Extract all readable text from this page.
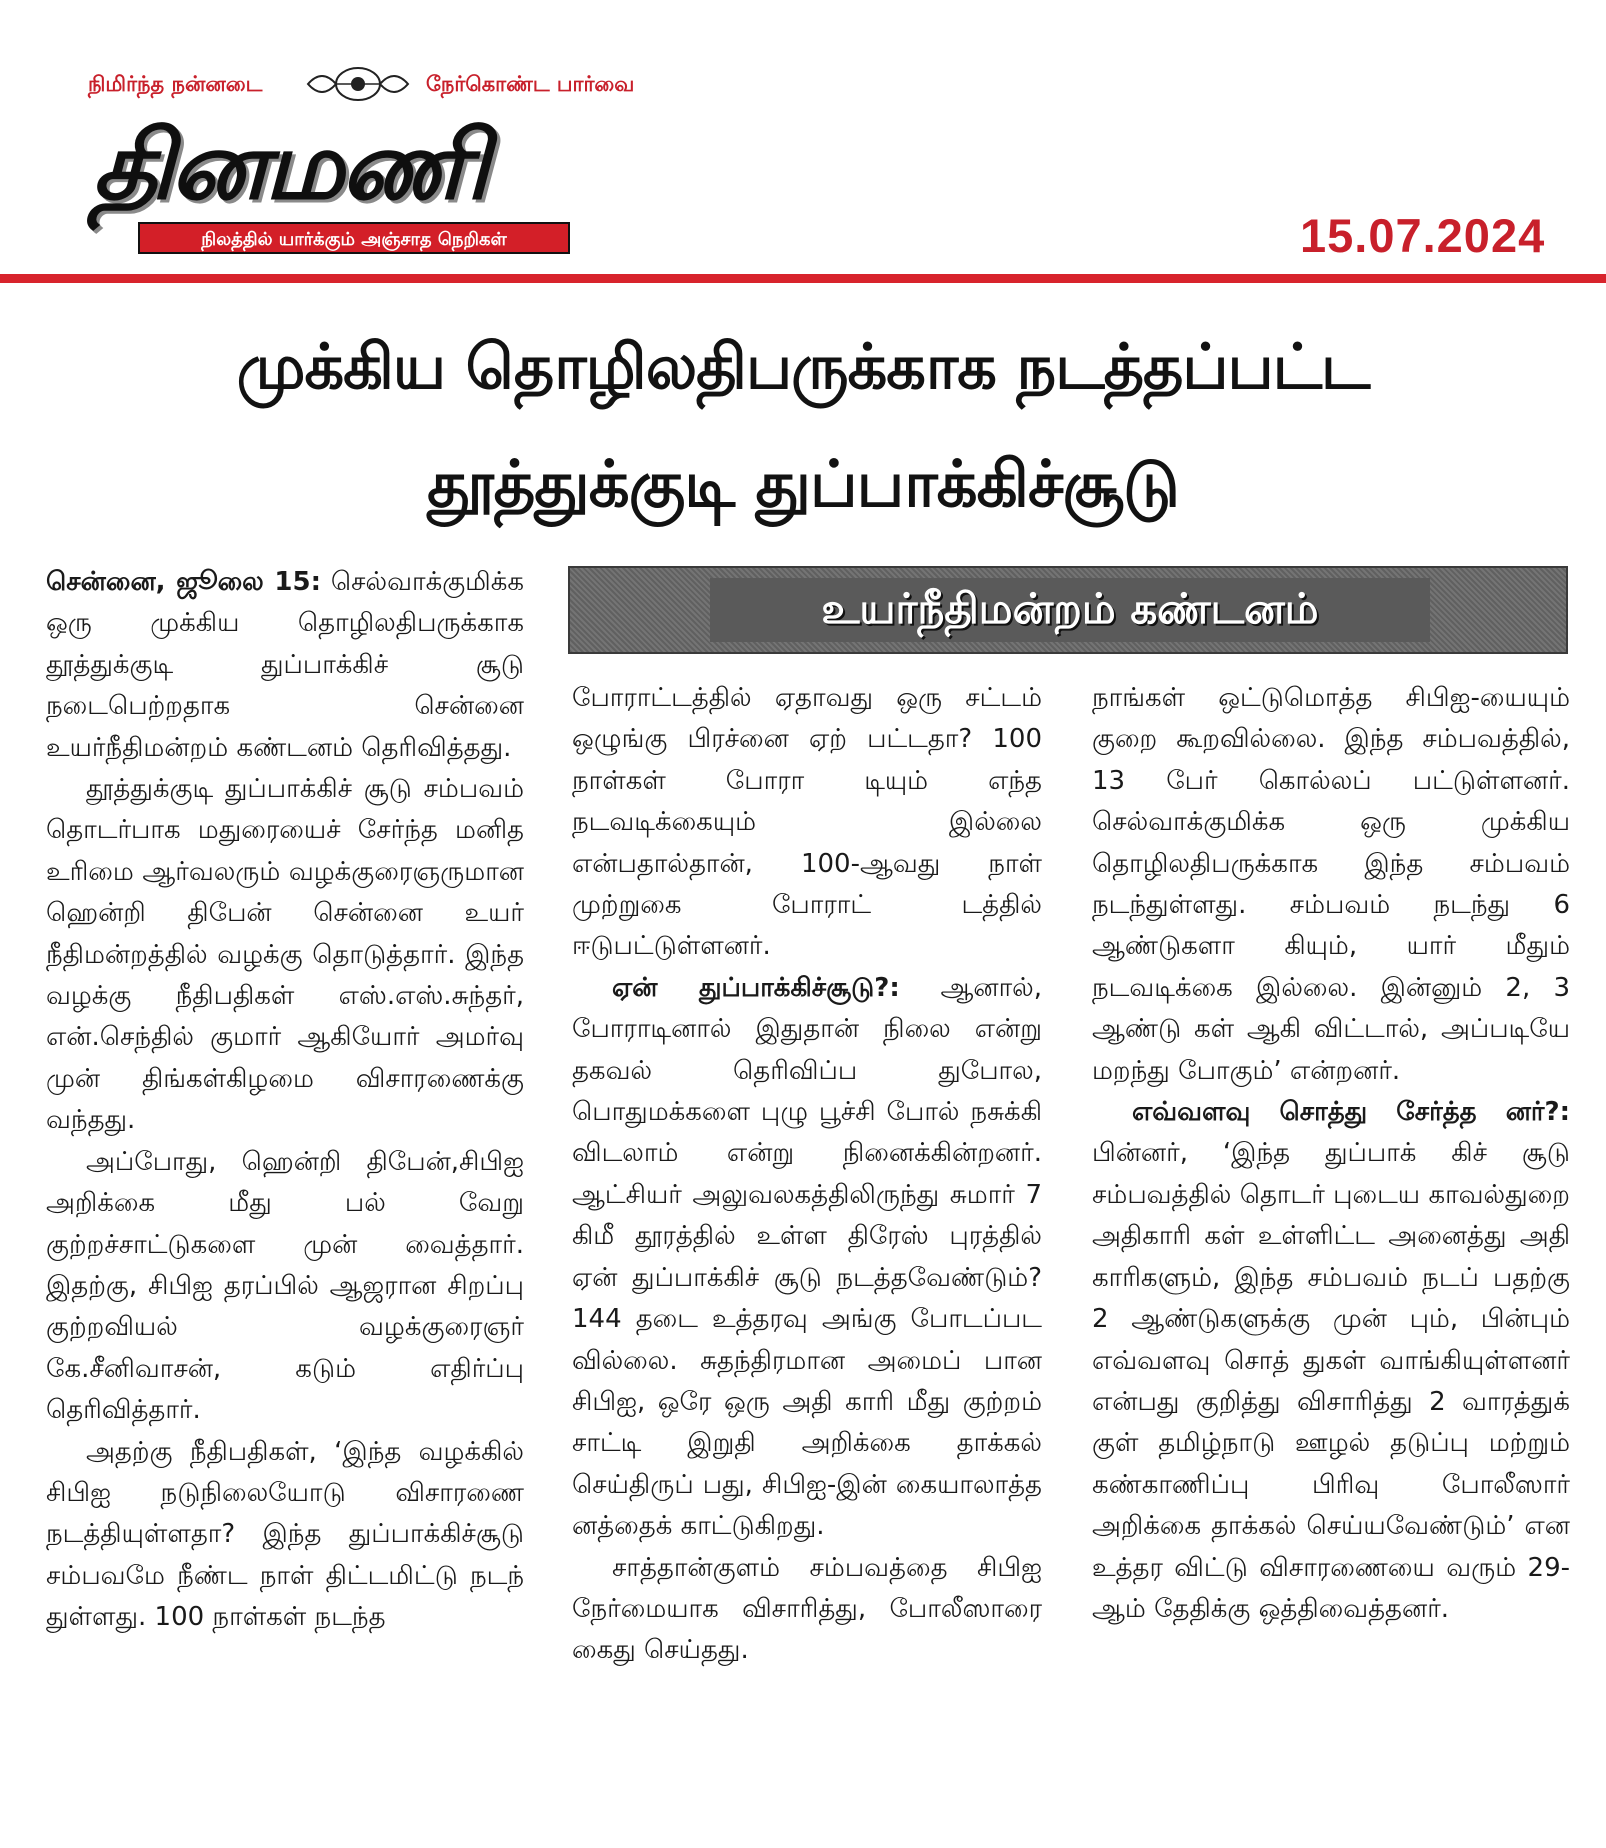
நிமிர்ந்த நன்னடை	நேர்கொண்ட பார்வை
தினமணி
நிலத்தில் யார்க்கும் அஞ்சாத நெறிகள்	15.07.2024
முக்கிய தொழிலதிபருக்காக நடத்தப்பட்ட
தூத்துக்குடி துப்பாக்கிச்சூடு

சென்னை, ஜூலை 15: செல்வாக்குமிக்க ஒரு முக்கிய தொழிலதிபருக்காக தூத்துக்குடி துப்பாக்கிச் சூடு நடைபெற்றதாக சென்னை உயர்நீதிமன்றம் கண்டனம் தெரிவித்தது.

தூத்துக்குடி துப்பாக்கிச் சூடு சம்பவம் தொடர்பாக மதுரையைச் சேர்ந்த மனித உரிமை ஆர்வலரும் வழக்குரைஞருமான ஹென்றி திபேன் சென்னை உயர் நீதிமன்றத்தில் வழக்கு தொடுத்தார். இந்த வழக்கு நீதிபதிகள் எஸ்.எஸ்.சுந்தர், என்.செந்தில் குமார் ஆகியோர் அமர்வு முன் திங்கள்கிழமை விசாரணைக்கு வந்தது.

அப்போது, ஹென்றி திபேன்,சிபிஐ அறிக்கை மீது பல் வேறு குற்றச்சாட்டுகளை முன் வைத்தார். இதற்கு, சிபிஐ தரப்பில் ஆஜரான சிறப்பு குற்றவியல் வழக்குரைஞர் கே.சீனிவாசன், கடும் எதிர்ப்பு தெரிவித்தார்.

அதற்கு நீதிபதிகள், ‘இந்த வழக்கில் சிபிஐ நடுநிலையோடு விசாரணை நடத்தியுள்ளதா? இந்த துப்பாக்கிச்சூடு சம்பவமே நீண்ட நாள் திட்டமிட்டு நடந் துள்ளது. 100 நாள்கள் நடந்த

உயர்நீதிமன்றம் கண்டனம்

போராட்டத்தில் ஏதாவது ஒரு சட்டம் ஒழுங்கு பிரச்னை ஏற் பட்டதா? 100 நாள்கள் போரா டியும் எந்த நடவடிக்கையும் இல்லை என்பதால்தான், 100-ஆவது நாள் முற்றுகை போராட் டத்தில் ஈடுபட்டுள்ளனர்.

ஏன் துப்பாக்கிச்சூடு?: ஆனால், போராடினால் இதுதான் நிலை என்று தகவல் தெரிவிப்ப துபோல, பொதுமக்களை புழு பூச்சி போல் நசுக்கி விடலாம் என்று நினைக்கின்றனர். ஆட்சியர் அலுவலகத்திலிருந்து சுமார் 7 கிமீ தூரத்தில் உள்ள திரேஸ் புரத்தில் ஏன் துப்பாக்கிச் சூடு நடத்தவேண்டும்? 144 தடை உத்தரவு அங்கு போடப்பட வில்லை. சுதந்திரமான அமைப் பான சிபிஐ, ஒரே ஒரு அதி காரி மீது குற்றம் சாட்டி இறுதி அறிக்கை தாக்கல் செய்திருப் பது, சிபிஐ-இன் கையாலாத்த னத்தைக் காட்டுகிறது.

சாத்தான்குளம் சம்பவத்தை சிபிஐ நேர்மையாக விசாரித்து, போலீஸாரை கைது செய்தது.

நாங்கள் ஒட்டுமொத்த சிபிஐ-யையும் குறை கூறவில்லை. இந்த சம்பவத்தில், 13 பேர் கொல்லப் பட்டுள்ளனர். செல்வாக்குமிக்க ஒரு முக்கிய தொழிலதிபருக்காக இந்த சம்பவம் நடந்துள்ளது. சம்பவம் நடந்து 6 ஆண்டுகளா கியும், யார் மீதும் நடவடிக்கை இல்லை. இன்னும் 2, 3 ஆண்டு கள் ஆகி விட்டால், அப்படியே மறந்து போகும்’ என்றனர்.

எவ்வளவு சொத்து சேர்த்த னர்?: பின்னர், ‘இந்த துப்பாக் கிச் சூடு சம்பவத்தில் தொடர் புடைய காவல்துறை அதிகாரி கள் உள்ளிட்ட அனைத்து அதி காரிகளும், இந்த சம்பவம் நடப் பதற்கு 2 ஆண்டுகளுக்கு முன் பும், பின்பும் எவ்வளவு சொத் துகள் வாங்கியுள்ளனர் என்பது குறித்து விசாரித்து 2 வாரத்துக் குள் தமிழ்நாடு ஊழல் தடுப்பு மற்றும் கண்காணிப்பு பிரிவு போலீஸார் அறிக்கை தாக்கல் செய்யவேண்டும்’ என உத்தர விட்டு விசாரணையை வரும் 29-ஆம் தேதிக்கு ஒத்திவைத்தனர்.
